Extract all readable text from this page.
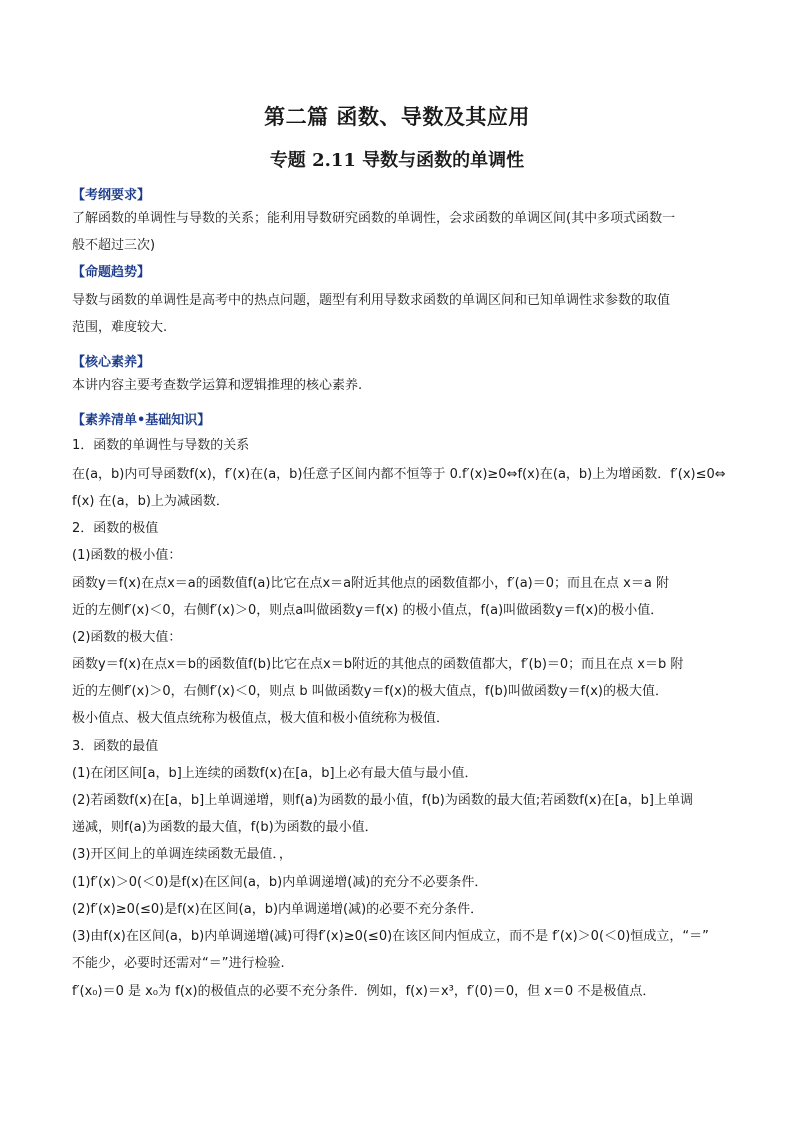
第二篇 函数、导数及其应用
专题 2.11 导数与函数的单调性
【考纲要求】
了解函数的单调性与导数的关系；能利用导数研究函数的单调性，会求函数的单调区间(其中多项式函数一
般不超过三次)
【命题趋势】
导数与函数的单调性是高考中的热点问题，题型有利用导数求函数的单调区间和已知单调性求参数的取值
范围，难度较大.
【核心素养】
本讲内容主要考查数学运算和逻辑推理的核心素养.
【素养清单•基础知识】
1．函数的单调性与导数的关系
在(a，b)内可导函数f(x)，f′(x)在(a，b)任意子区间内都不恒等于 0.f′(x)≥0⇔f(x)在(a，b)上为增函数．f′(x)≤0⇔
f(x) 在(a，b)上为减函数．
2．函数的极值
(1)函数的极小值：
函数y＝f(x)在点x＝a的函数值f(a)比它在点x＝a附近其他点的函数值都小，f′(a)＝0；而且在点 x＝a 附
近的左侧f′(x)＜0，右侧f′(x)＞0，则点a叫做函数y＝f(x) 的极小值点，f(a)叫做函数y＝f(x)的极小值．
(2)函数的极大值：
函数y＝f(x)在点x＝b的函数值f(b)比它在点x＝b附近的其他点的函数值都大，f′(b)＝0；而且在点 x＝b 附
近的左侧f′(x)＞0，右侧f′(x)＜0，则点 b 叫做函数y＝f(x)的极大值点，f(b)叫做函数y＝f(x)的极大值．
极小值点、极大值点统称为极值点，极大值和极小值统称为极值．
3．函数的最值
(1)在闭区间[a，b]上连续的函数f(x)在[a，b]上必有最大值与最小值．
(2)若函数f(x)在[a，b]上单调递增，则f(a)为函数的最小值，f(b)为函数的最大值;若函数f(x)在[a，b]上单调
递减，则f(a)为函数的最大值，f(b)为函数的最小值．
(3)开区间上的单调连续函数无最值．，
(1)f′(x)＞0(＜0)是f(x)在区间(a，b)内单调递增(减)的充分不必要条件．
(2)f′(x)≥0(≤0)是f(x)在区间(a，b)内单调递增(减)的必要不充分条件．
(3)由f(x)在区间(a，b)内单调递增(减)可得f′(x)≥0(≤0)在该区间内恒成立，而不是 f′(x)＞0(＜0)恒成立，“＝”
不能少，必要时还需对“＝”进行检验.
f′(x₀)＝0 是 x₀为 f(x)的极值点的必要不充分条件．例如，f(x)＝x³，f′(0)＝0，但 x＝0 不是极值点．
